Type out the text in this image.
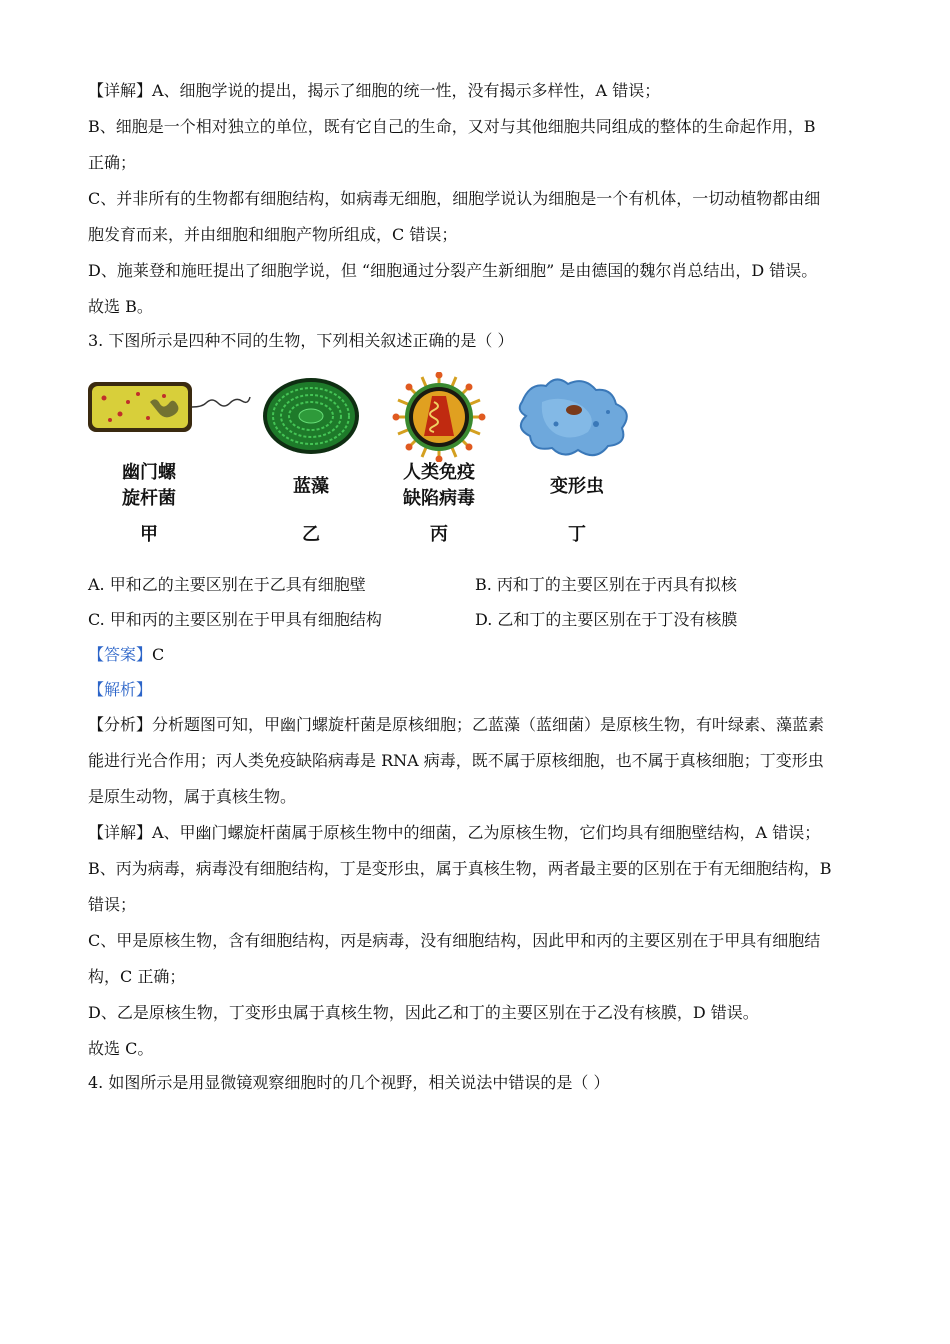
【详解】A、细胞学说的提出，揭示了细胞的统一性，没有揭示多样性，A 错误；
B、细胞是一个相对独立的单位，既有它自己的生命，又对与其他细胞共同组成的整体的生命起作用，B
正确；
C、并非所有的生物都有细胞结构，如病毒无细胞，细胞学说认为细胞是一个有机体，一切动植物都由细
胞发育而来，并由细胞和细胞产物所组成，C 错误；
D、施莱登和施旺提出了细胞学说，但 “细胞通过分裂产生新细胞” 是由德国的魏尔肖总结出，D 错误。
故选 B。
3. 下图所示是四种不同的生物，下列相关叙述正确的是（ ）
幽门螺
旋杆菌
甲
蓝藻
乙
人类免疫
缺陷病毒
丙
变形虫
丁
A. 甲和乙的主要区别在于乙具有细胞壁	B. 丙和丁的主要区别在于丙具有拟核
C. 甲和丙的主要区别在于甲具有细胞结构	D. 乙和丁的主要区别在于丁没有核膜
【答案】C
【解析】
【分析】分析题图可知，甲幽门螺旋杆菌是原核细胞；乙蓝藻（蓝细菌）是原核生物，有叶绿素、藻蓝素
能进行光合作用；丙人类免疫缺陷病毒是 RNA 病毒，既不属于原核细胞，也不属于真核细胞；丁变形虫
是原生动物，属于真核生物。
【详解】A、甲幽门螺旋杆菌属于原核生物中的细菌，乙为原核生物，它们均具有细胞壁结构，A 错误；
B、丙为病毒，病毒没有细胞结构，丁是变形虫，属于真核生物，两者最主要的区别在于有无细胞结构，B
错误；
C、甲是原核生物，含有细胞结构，丙是病毒，没有细胞结构，因此甲和丙的主要区别在于甲具有细胞结
构，C 正确；
D、乙是原核生物，丁变形虫属于真核生物，因此乙和丁的主要区别在于乙没有核膜，D 错误。
故选 C。
4. 如图所示是用显微镜观察细胞时的几个视野，相关说法中错误的是（ ）
